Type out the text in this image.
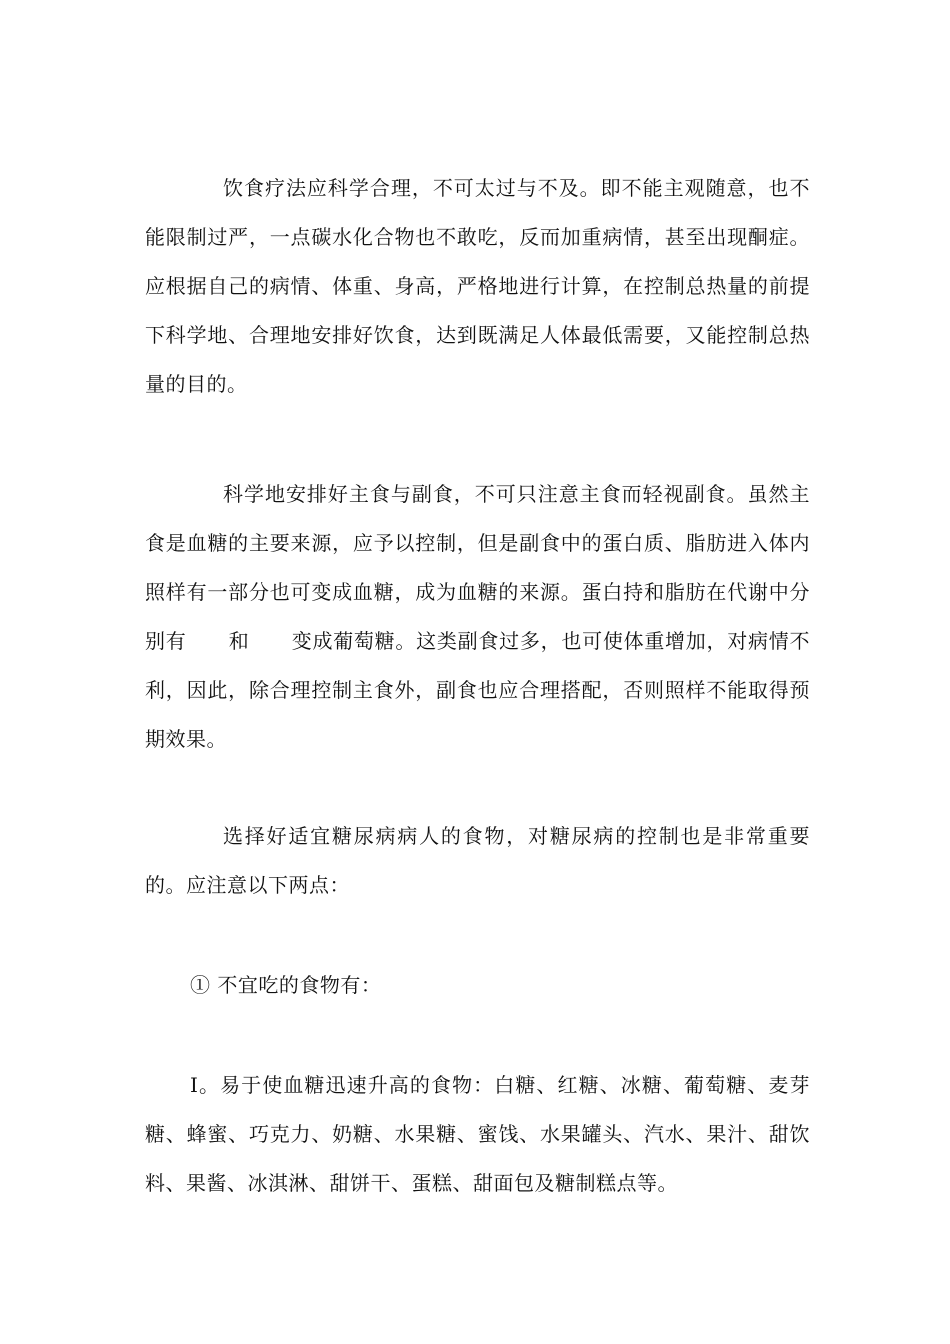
饮食疗法应科学合理，不可太过与不及。即不能主观随意，也不能限制过严，一点碳水化合物也不敢吃，反而加重病情，甚至出现酮症。应根据自己的病情、体重、身高，严格地进行计算，在控制总热量的前提下科学地、合理地安排好饮食，达到既满足人体最低需要，又能控制总热量的目的。

科学地安排好主食与副食，不可只注意主食而轻视副食。虽然主食是血糖的主要来源，应予以控制，但是副食中的蛋白质、脂肪进入体内照样有一部分也可变成血糖，成为血糖的来源。蛋白持和脂肪在代谢中分别有 和 变成葡萄糖。这类副食过多，也可使体重增加，对病情不利，因此，除合理控制主食外，副食也应合理搭配，否则照样不能取得预期效果。

选择好适宜糖尿病病人的食物，对糖尿病的控制也是非常重要的。应注意以下两点：

① 不宜吃的食物有：

Ⅰ。易于使血糖迅速升高的食物：白糖、红糖、冰糖、葡萄糖、麦芽糖、蜂蜜、巧克力、奶糖、水果糖、蜜饯、水果罐头、汽水、果汁、甜饮料、果酱、冰淇淋、甜饼干、蛋糕、甜面包及糖制糕点等。
